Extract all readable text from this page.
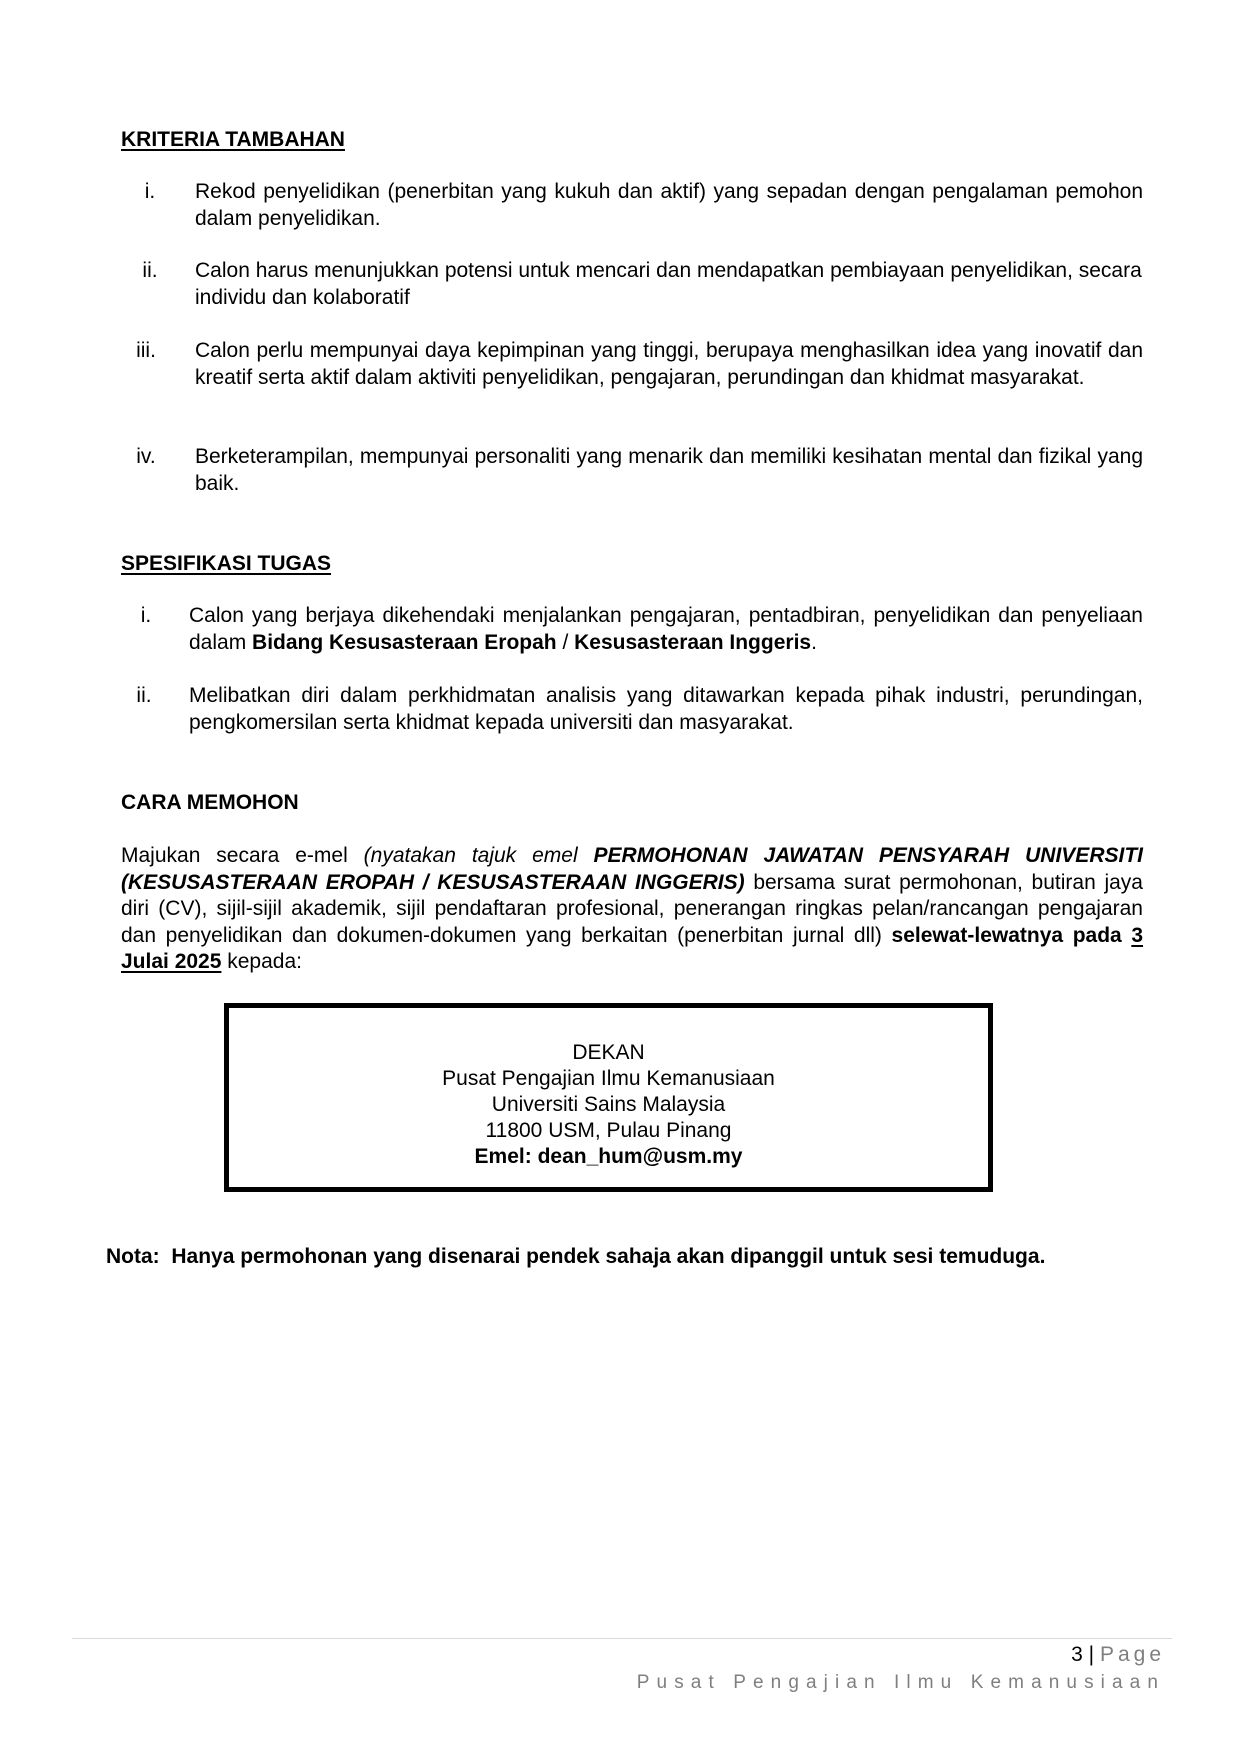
KRITERIA TAMBAHAN
i.	Rekod penyelidikan (penerbitan yang kukuh dan aktif) yang sepadan dengan pengalaman pemohon dalam penyelidikan.
ii.	Calon harus menunjukkan potensi untuk mencari dan mendapatkan pembiayaan penyelidikan, secara individu dan kolaboratif
iii.	Calon perlu mempunyai daya kepimpinan yang tinggi, berupaya menghasilkan idea yang inovatif dan kreatif serta aktif dalam aktiviti penyelidikan, pengajaran, perundingan dan khidmat masyarakat.
iv.	Berketerampilan, mempunyai personaliti yang menarik dan memiliki kesihatan mental dan fizikal yang baik.
SPESIFIKASI TUGAS
i.	Calon yang berjaya dikehendaki menjalankan pengajaran, pentadbiran, penyelidikan dan penyeliaan dalam Bidang Kesusasteraan Eropah / Kesusasteraan Inggeris.
ii.	Melibatkan diri dalam perkhidmatan analisis yang ditawarkan kepada pihak industri, perundingan, pengkomersilan serta khidmat kepada universiti dan masyarakat.
CARA MEMOHON
Majukan secara e-mel (nyatakan tajuk emel PERMOHONAN JAWATAN PENSYARAH UNIVERSITI (KESUSASTERAAN EROPAH / KESUSASTERAAN INGGERIS) bersama surat permohonan, butiran jaya diri (CV), sijil-sijil akademik, sijil pendaftaran profesional, penerangan ringkas pelan/rancangan pengajaran dan penyelidikan dan dokumen-dokumen yang berkaitan (penerbitan jurnal dll) selewat-lewatnya pada 3 Julai 2025 kepada:
DEKAN
Pusat Pengajian Ilmu Kemanusiaan
Universiti Sains Malaysia
11800 USM, Pulau Pinang
Emel: dean_hum@usm.my
Nota: Hanya permohonan yang disenarai pendek sahaja akan dipanggil untuk sesi temuduga.
3 | Page
Pusat Pengajian Ilmu Kemanusiaan
